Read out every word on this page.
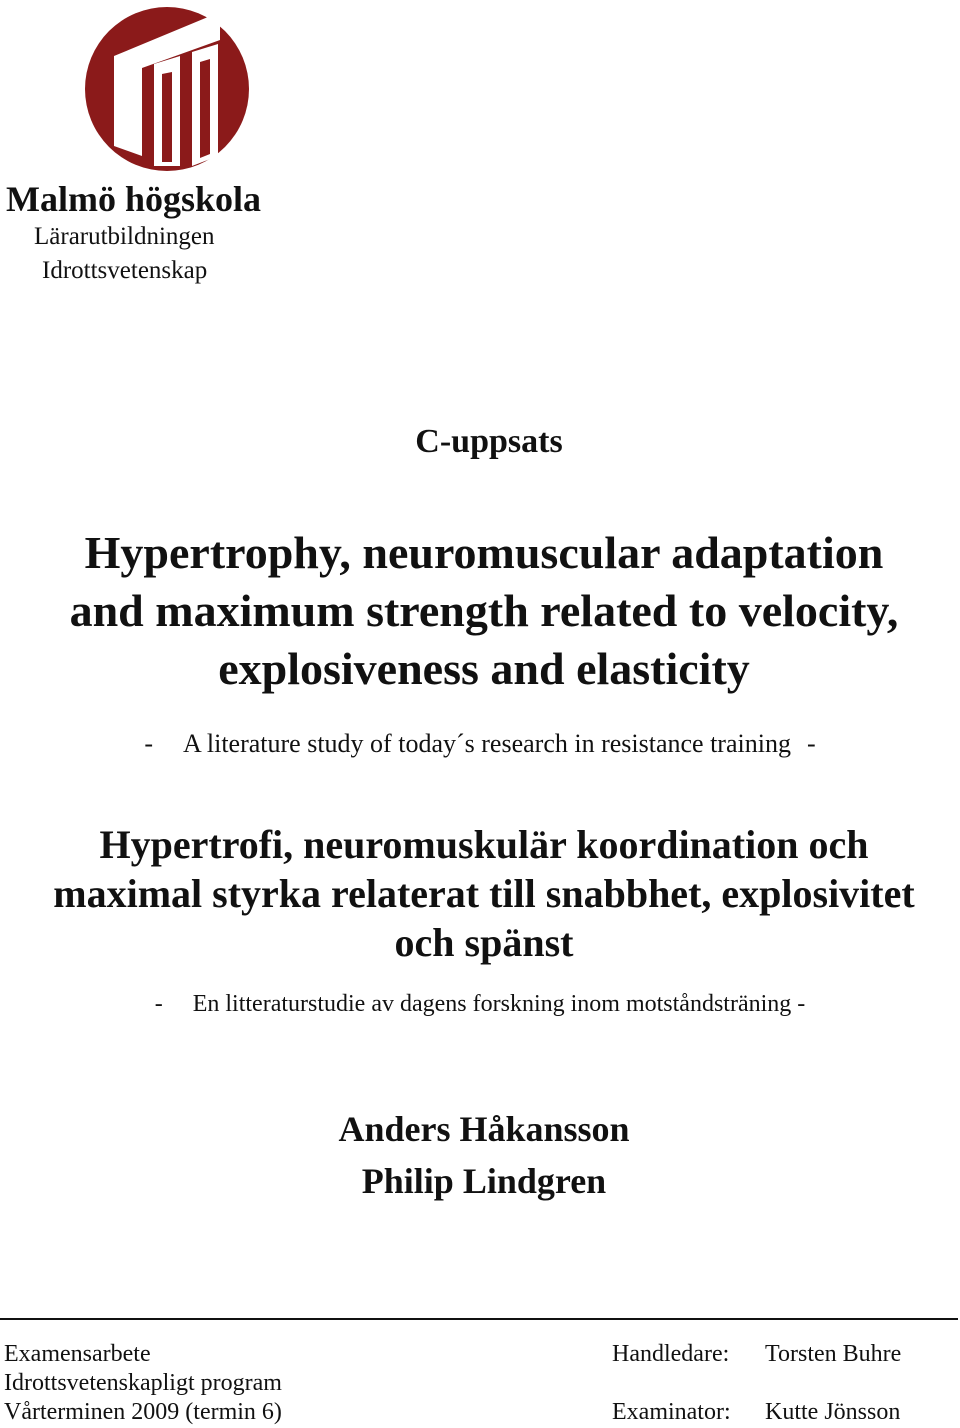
Malmö högskola
Lärarutbildningen
Idrottsvetenskap
C-uppsats
Hypertrophy, neuromuscular adaptation
and maximum strength related to velocity,
explosiveness and elasticity
- A literature study of today´s research in resistance training -
Hypertrofi, neuromuskulär koordination och
maximal styrka relaterat till snabbhet, explosivitet
och spänst
- En litteraturstudie av dagens forskning inom motståndsträning -
Anders Håkansson
Philip Lindgren
Examensarbete
Idrottsvetenskapligt program
Vårterminen 2009 (termin 6)
Handledare: Torsten Buhre
Examinator: Kutte Jönsson
